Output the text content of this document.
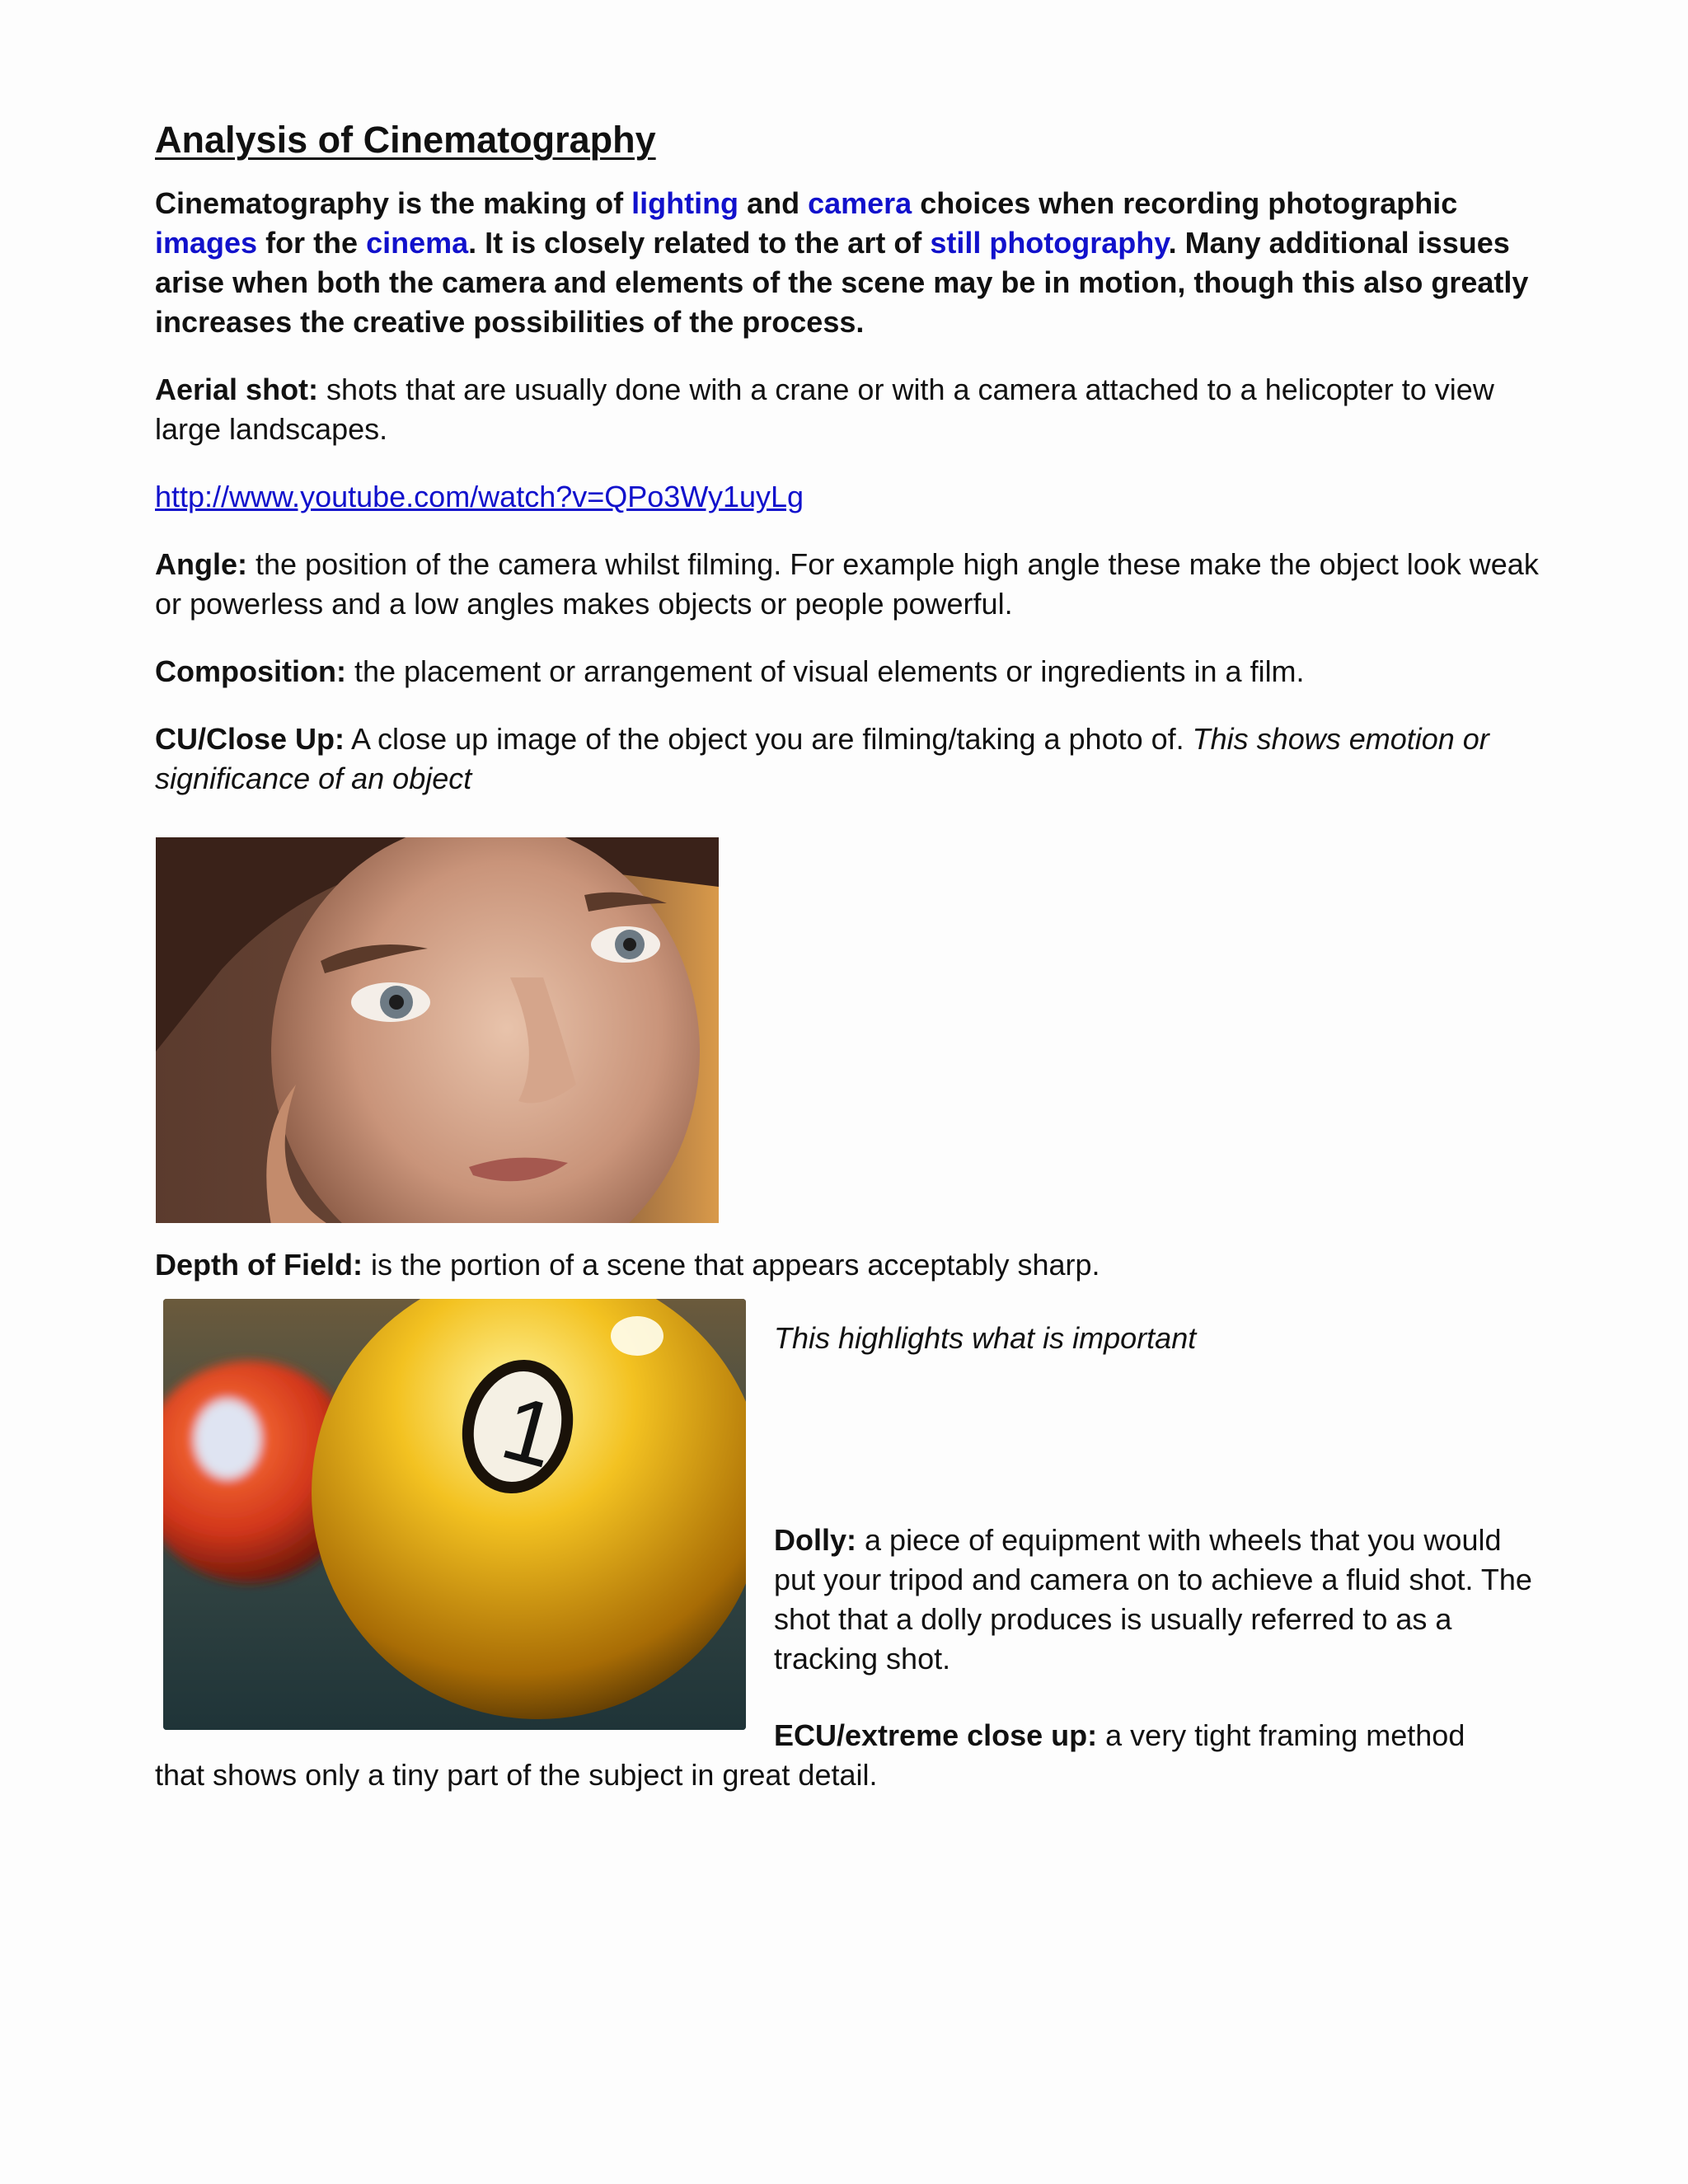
Analysis of Cinematography

Cinematography is the making of lighting and camera choices when recording photographic images for the cinema. It is closely related to the art of still photography. Many additional issues arise when both the camera and elements of the scene may be in motion, though this also greatly increases the creative possibilities of the process.

Aerial shot: shots that are usually done with a crane or with a camera attached to a helicopter to view large landscapes.

http://www.youtube.com/watch?v=QPo3Wy1uyLg

Angle: the position of the camera whilst filming. For example high angle these make the object look weak or powerless and a low angles makes objects or people powerful.

Composition: the placement or arrangement of visual elements or ingredients in a film.

CU/Close Up: A close up image of the object you are filming/taking a photo of. This shows emotion or significance of an object

Depth of Field: is the portion of a scene that appears acceptably sharp.

1

This highlights what is important

Dolly: a piece of equipment with wheels that you would put your tripod and camera on to achieve a fluid shot. The shot that a dolly produces is usually referred to as a tracking shot.

ECU/extreme close up: a very tight framing method

that shows only a tiny part of the subject in great detail.
